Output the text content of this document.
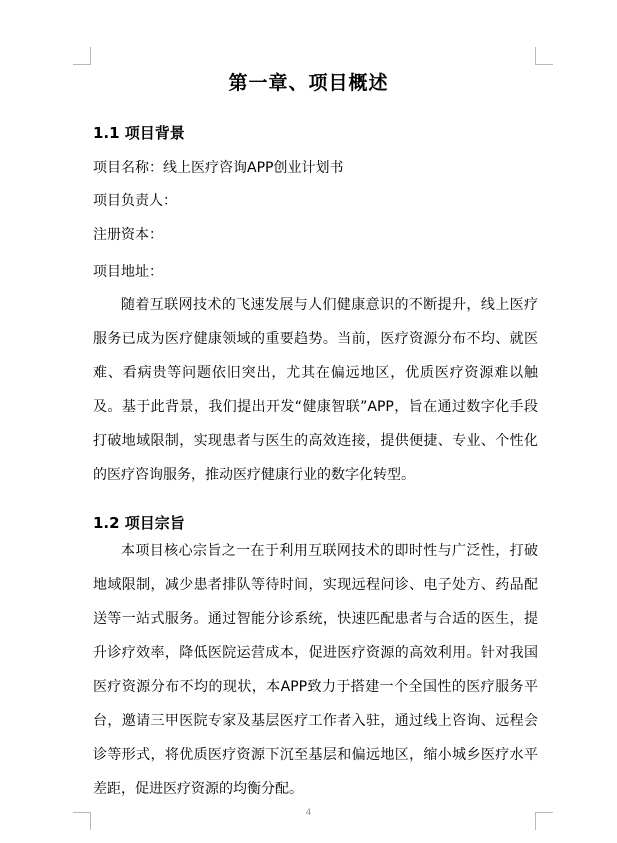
第一章、项目概述
1.1 项目背景
项目名称：线上医疗咨询APP创业计划书
项目负责人：
注册资本：
项目地址：

随着互联网技术的飞速发展与人们健康意识的不断提升，线上医疗服务已成为医疗健康领域的重要趋势。当前，医疗资源分布不均、就医难、看病贵等问题依旧突出，尤其在偏远地区，优质医疗资源难以触及。基于此背景，我们提出开发“健康智联”APP，旨在通过数字化手段打破地域限制，实现患者与医生的高效连接，提供便捷、专业、个性化的医疗咨询服务，推动医疗健康行业的数字化转型。

1.2 项目宗旨

本项目核心宗旨之一在于利用互联网技术的即时性与广泛性，打破地域限制，减少患者排队等待时间，实现远程问诊、电子处方、药品配送等一站式服务。通过智能分诊系统，快速匹配患者与合适的医生，提升诊疗效率，降低医院运营成本，促进医疗资源的高效利用。针对我国医疗资源分布不均的现状，本APP致力于搭建一个全国性的医疗服务平台，邀请三甲医院专家及基层医疗工作者入驻，通过线上咨询、远程会诊等形式，将优质医疗资源下沉至基层和偏远地区，缩小城乡医疗水平差距，促进医疗资源的均衡分配。

4
